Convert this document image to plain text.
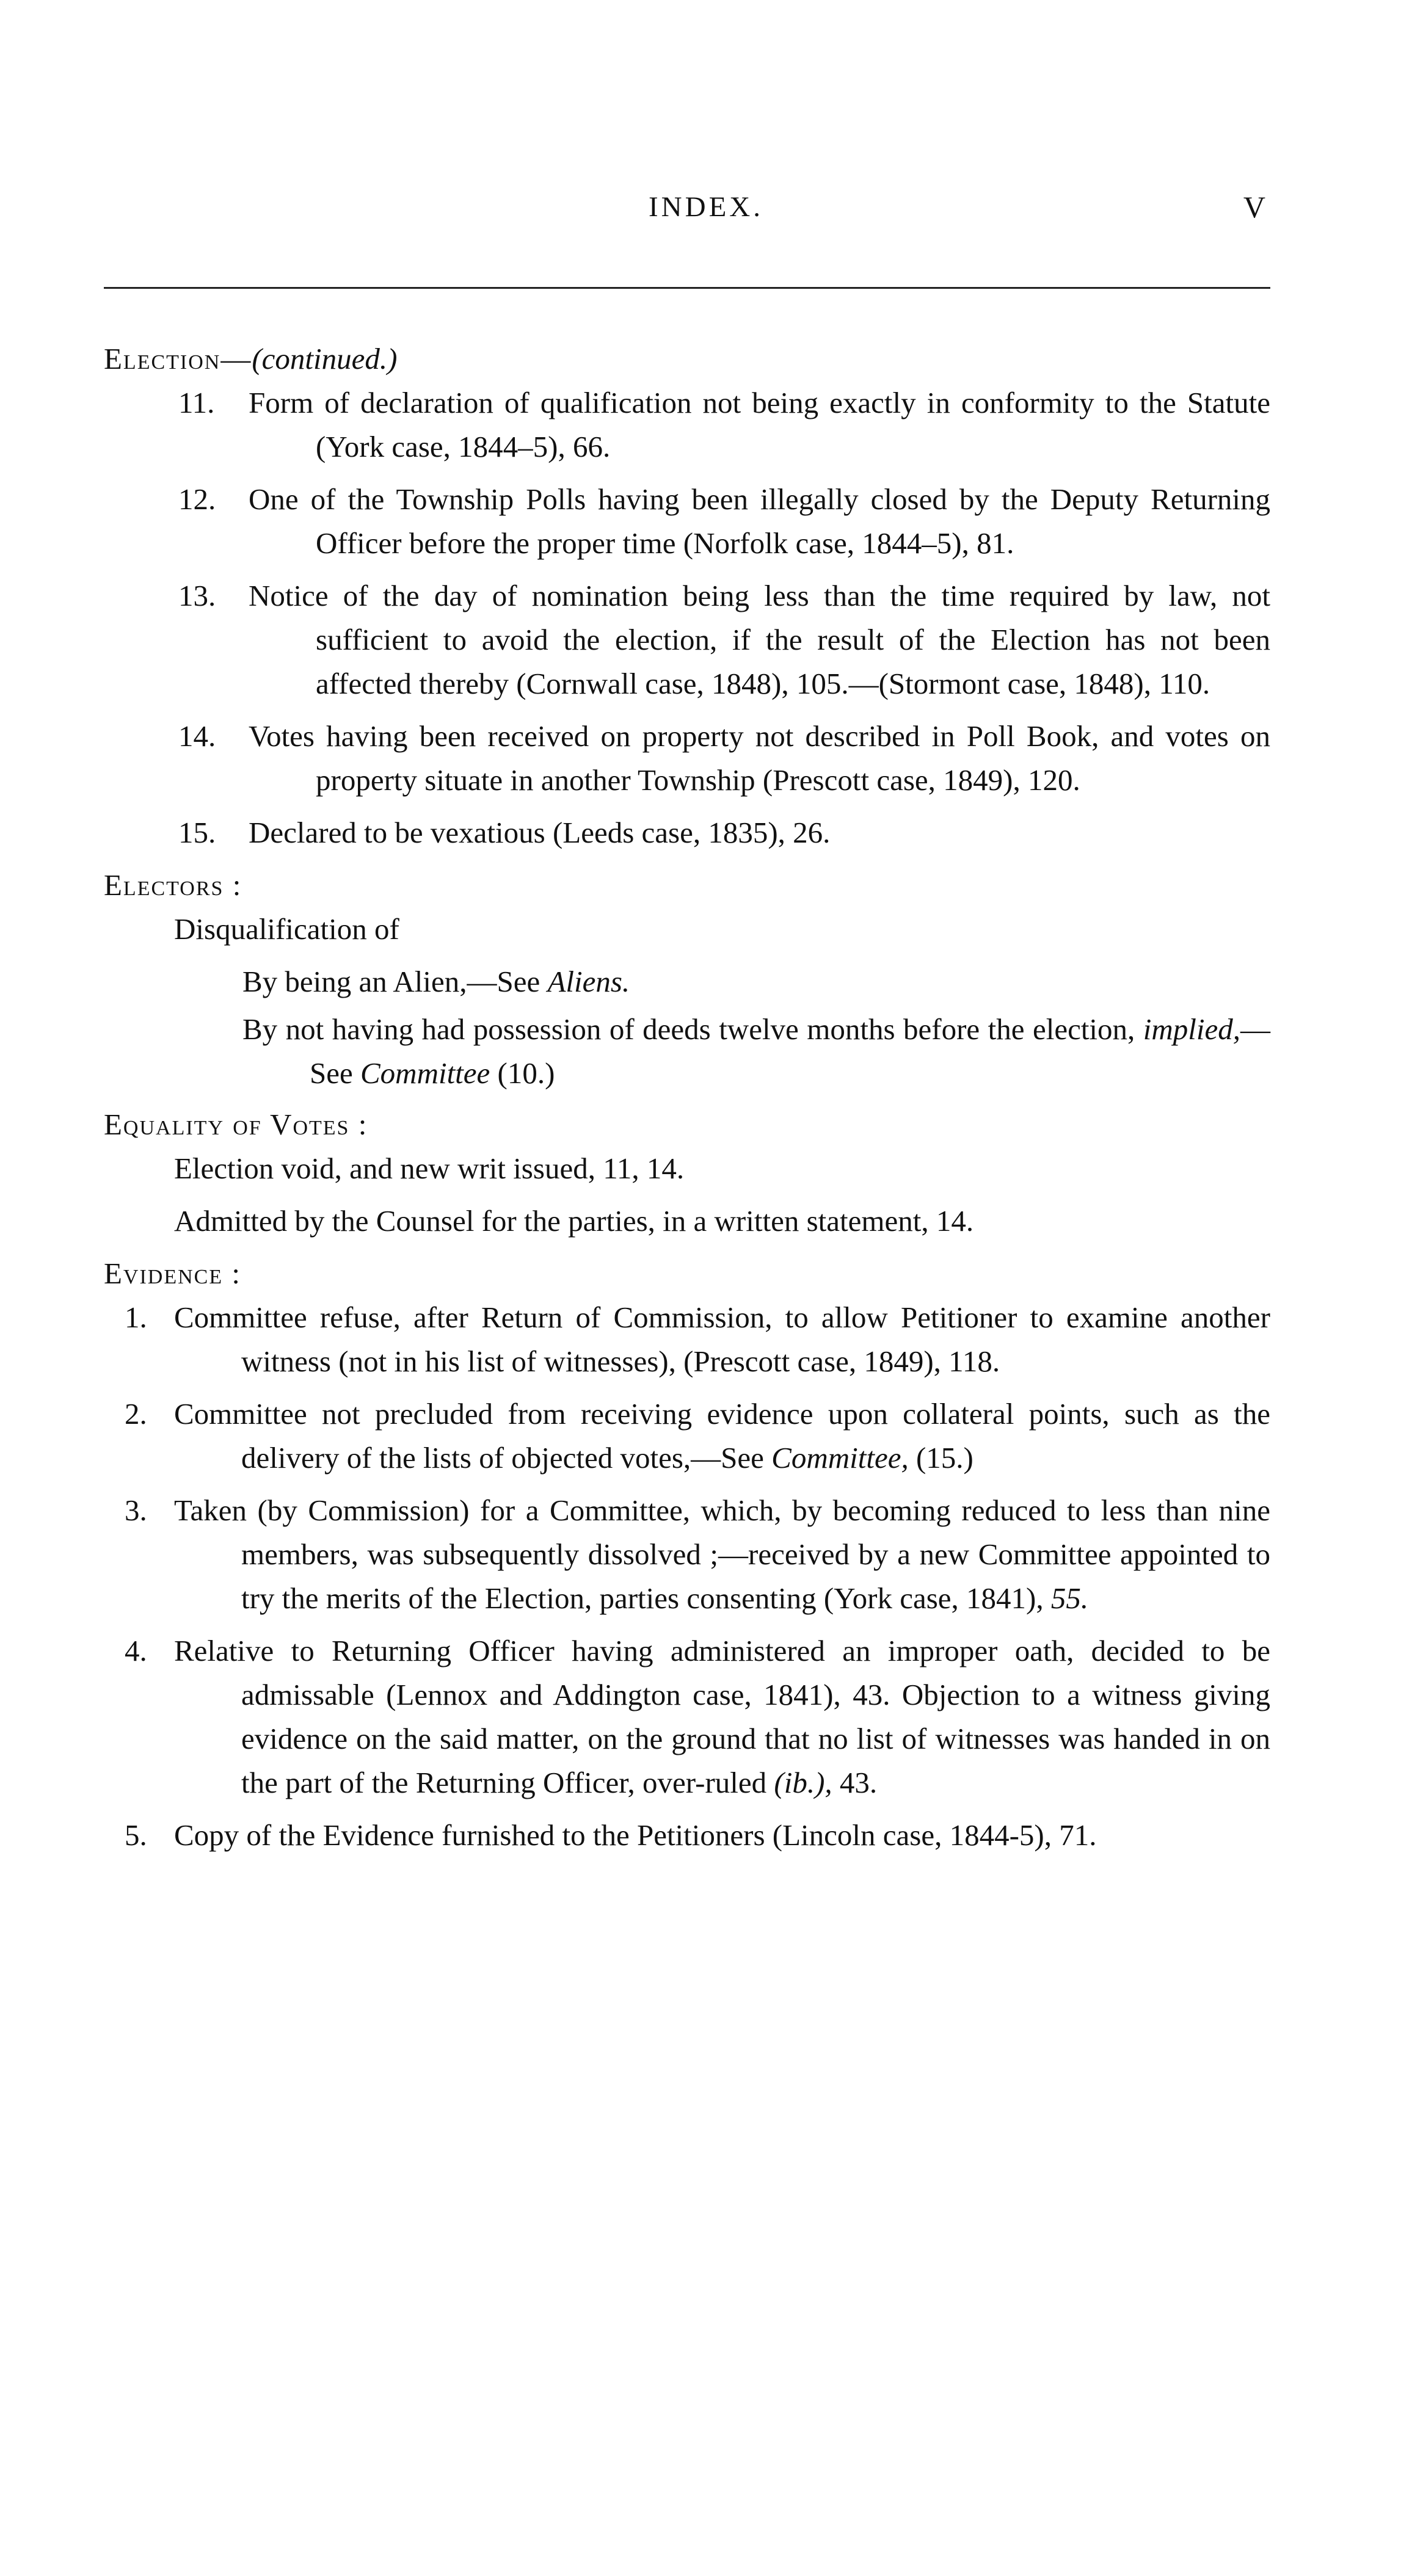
INDEX.	V
Election—(continued.)
11. Form of declaration of qualification not being exactly in conformity to the Statute (York case, 1844–5), 66.
12. One of the Township Polls having been illegally closed by the Deputy Returning Officer before the proper time (Norfolk case, 1844–5), 81.
13. Notice of the day of nomination being less than the time required by law, not sufficient to avoid the election, if the result of the Election has not been affected thereby (Cornwall case, 1848), 105.—(Stormont case, 1848), 110.
14. Votes having been received on property not described in Poll Book, and votes on property situate in another Township (Prescott case, 1849), 120.
15. Declared to be vexatious (Leeds case, 1835), 26.
Electors :
Disqualification of
By being an Alien,—See Aliens.
By not having had possession of deeds twelve months before the election, implied,—See Committee (10.)
Equality of Votes :
Election void, and new writ issued, 11, 14.
Admitted by the Counsel for the parties, in a written statement, 14.
Evidence :
1. Committee refuse, after Return of Commission, to allow Petitioner to examine another witness (not in his list of witnesses), (Prescott case, 1849), 118.
2. Committee not precluded from receiving evidence upon collateral points, such as the delivery of the lists of objected votes,—See Committee, (15.)
3. Taken (by Commission) for a Committee, which, by becoming reduced to less than nine members, was subsequently dissolved ;—received by a new Committee appointed to try the merits of the Election, parties consenting (York case, 1841), 55.
4. Relative to Returning Officer having administered an improper oath, decided to be admissable (Lennox and Addington case, 1841), 43. Objection to a witness giving evidence on the said matter, on the ground that no list of witnesses was handed in on the part of the Returning Officer, over-ruled (ib.), 43.
5. Copy of the Evidence furnished to the Petitioners (Lincoln case, 1844-5), 71.
